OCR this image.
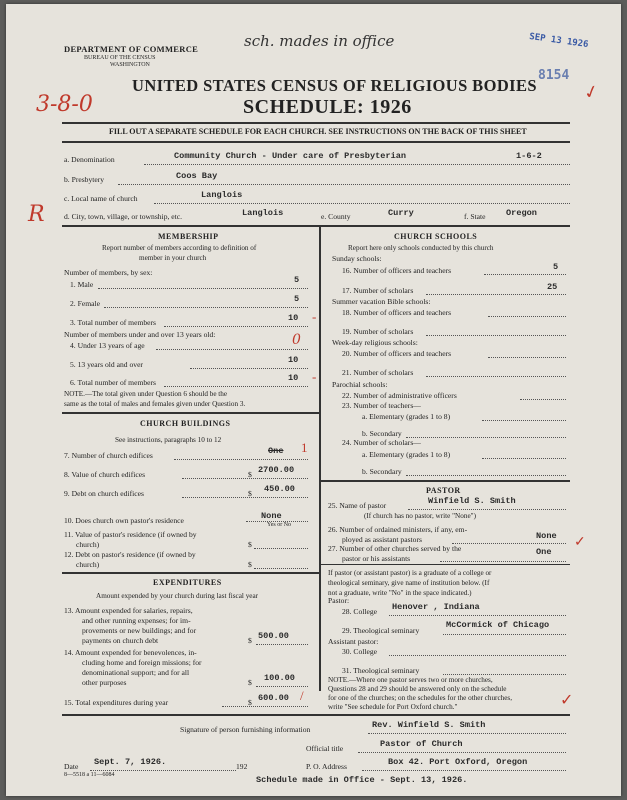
DEPARTMENT OF COMMERCE
BUREAU OF THE CENSUS
WASHINGTON
sch. mades in office	SEP 13 1926
8154
✓
UNITED STATES CENSUS OF RELIGIOUS BODIES
SCHEDULE: 1926
3-8-0
R
FILL OUT A SEPARATE SCHEDULE FOR EACH CHURCH. SEE INSTRUCTIONS ON THE BACK OF THIS SHEET
a. Denomination	Community Church - Under care of Presbyterian	1-6-2
b. Presbytery	Coos Bay
c. Local name of church	Langlois
d. City, town, village, or township, etc.	Langlois	e. County	Curry	f. State Oregon
MEMBERSHIP
Report number of members according to definition of
member in your church
Number of members, by sex:
1. Male	5
2. Female	5
3. Total number of members	10 -
Number of members under and over 13 years old:
4. Under 13 years of age	0
5. 13 years old and over	10
6. Total number of members	10 -
NOTE.—The total given under Question 6 should be the
same as the total of males and females given under Question 3.
CHURCH BUILDINGS
See instructions, paragraphs 10 to 12
7. Number of church edifices	One 1
8. Value of church edifices	$ 2700.00
9. Debt on church edifices	$ 450.00
10. Does church own pastor's residence	None
Yes or No
11. Value of pastor's residence (if owned by
church)	$
12. Debt on pastor's residence (if owned by
church)	$
EXPENDITURES
Amount expended by your church during last fiscal year
13. Amount expended for salaries, repairs,
and other running expenses; for im-
provements or new buildings; and for
payments on church debt	$ 500.00
14. Amount expended for benevolences, in-
cluding home and foreign missions; for
denominational support; and for all
other purposes	$ 100.00
15. Total expenditures during year	$ 600.00 /
CHURCH SCHOOLS
Report here only schools conducted by this church
Sunday schools:
16. Number of officers and teachers	5
17. Number of scholars	25
Summer vacation Bible schools:
18. Number of officers and teachers
19. Number of scholars
Week-day religious schools:
20. Number of officers and teachers
21. Number of scholars
Parochial schools:
22. Number of administrative officers
23. Number of teachers—
a. Elementary (grades 1 to 8)
b. Secondary
24. Number of scholars—
a. Elementary (grades 1 to 8)
b. Secondary
PASTOR
25. Name of pastor	Winfield S. Smith
(If church has no pastor, write "None")
26. Number of ordained ministers, if any, em-
ployed as assistant pastors	None
27. Number of other churches served by the
pastor or his assistants
One
✓
If pastor (or assistant pastor) is a graduate of a college or
theological seminary, give name of institution below. (If
not a graduate, write "No" in the space indicated.)
Pastor:
28. College Henover , Indiana
29. Theological seminary
McCormick of Chicago
Assistant pastor:
30. College
31. Theological seminary
NOTE.—Where one pastor serves two or more churches,
Questions 28 and 29 should be answered only on the schedule
for one of the churches; on the schedules for the other churches,
write "See schedule for Port Oxford church."	✓
Signature of person furnishing information	Rev. Winfield S. Smith
Official title	Pastor of Church
Date Sept. 7, 1926.	192
8—5518 a 11—6084
P. O. Address	Box 42. Port Oxford, Oregon
Schedule made in Office - Sept. 13, 1926.
